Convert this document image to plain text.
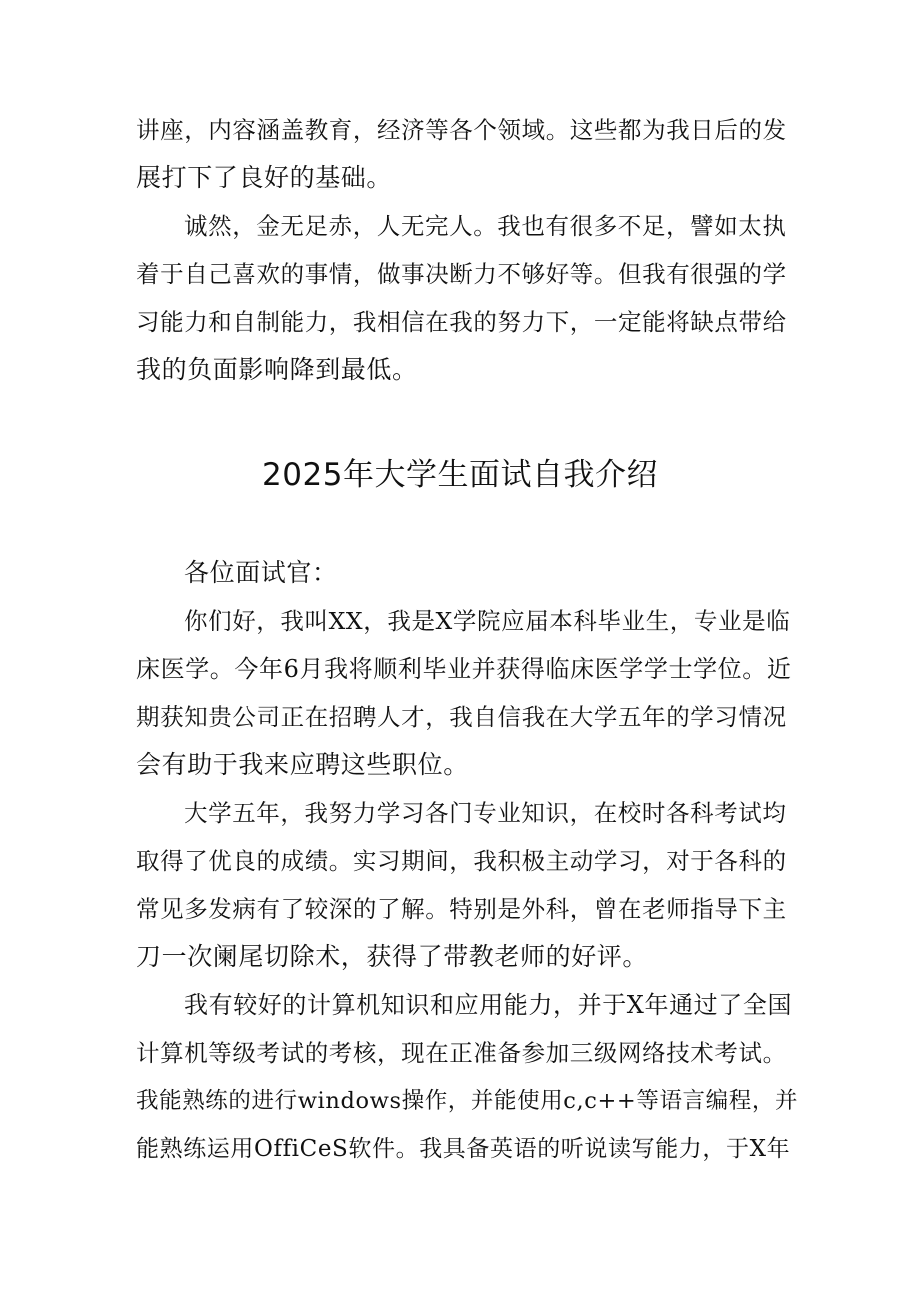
讲座，内容涵盖教育，经济等各个领域。这些都为我日后的发
展打下了良好的基础。
诚然，金无足赤，人无完人。我也有很多不足，譬如太执
着于自己喜欢的事情，做事决断力不够好等。但我有很强的学
习能力和自制能力，我相信在我的努力下，一定能将缺点带给
我的负面影响降到最低。
2025年大学生面试自我介绍
各位面试官：
你们好，我叫XX，我是X学院应届本科毕业生，专业是临
床医学。今年6月我将顺利毕业并获得临床医学学士学位。近
期获知贵公司正在招聘人才，我自信我在大学五年的学习情况
会有助于我来应聘这些职位。
大学五年，我努力学习各门专业知识，在校时各科考试均
取得了优良的成绩。实习期间，我积极主动学习，对于各科的
常见多发病有了较深的了解。特别是外科，曾在老师指导下主
刀一次阑尾切除术，获得了带教老师的好评。
我有较好的计算机知识和应用能力，并于X年通过了全国
计算机等级考试的考核，现在正准备参加三级网络技术考试。
我能熟练的进行windows操作，并能使用c,c++等语言编程，并
能熟练运用OffiCeS软件。我具备英语的听说读写能力，于X年
